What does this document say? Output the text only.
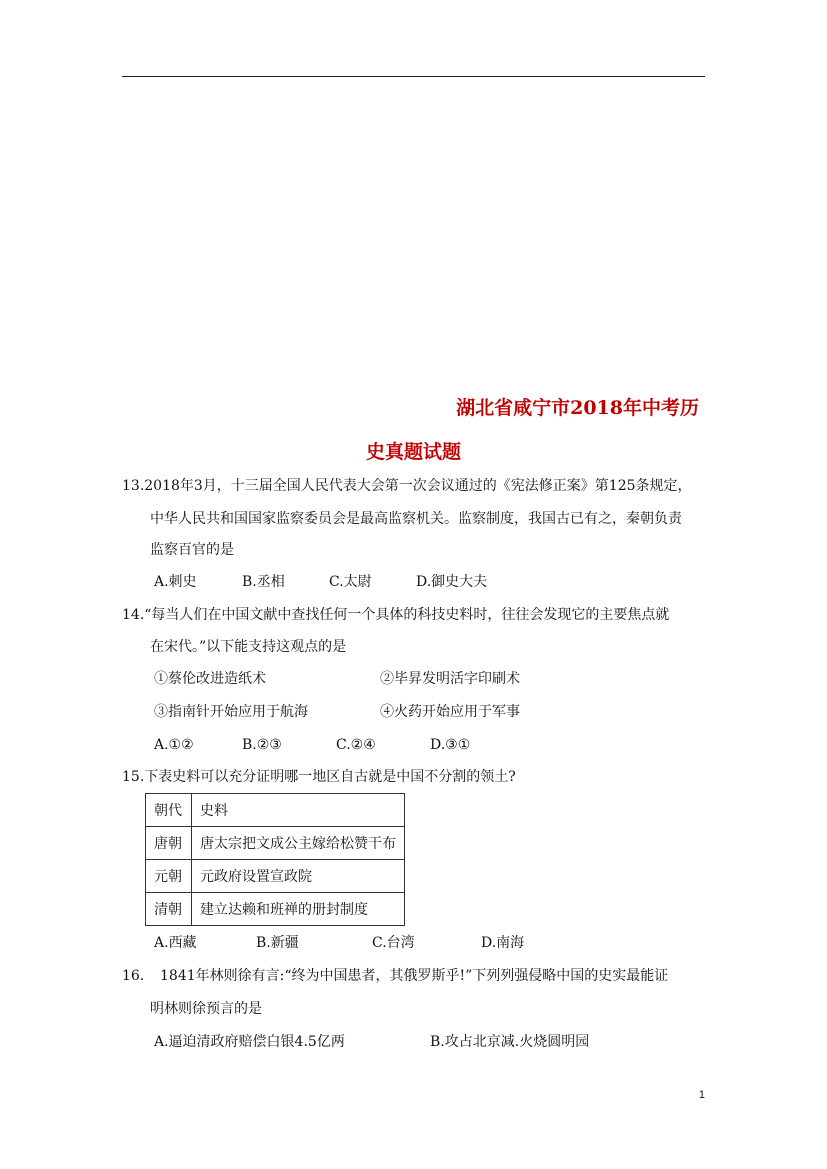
湖北省咸宁市2018年中考历
史真题试题
13.2018年3月，十三届全国人民代表大会第一次会议通过的《宪法修正案》第125条规定，
中华人民共和国国家监察委员会是最高监察机关。监察制度，我国古已有之，秦朝负责
监察百官的是
A.刺史	B.丞相	C.太尉	D.御史大夫
14.“每当人们在中国文献中查找任何一个具体的科技史料时，往往会发现它的主要焦点就
在宋代。”以下能支持这观点的是
①蔡伦改进造纸术	②毕昇发明活字印刷术
③指南针开始应用于航海	④火药开始应用于军事
A.①②	B.②③	C.②④	D.③①
15.下表史料可以充分证明哪一地区自古就是中国不分割的领土?
朝代	史料
唐朝	唐太宗把文成公主嫁给松赞干布
元朝	元政府设置宣政院
清朝	建立达赖和班禅的册封制度
A.西藏	B.新疆	C.台湾	D.南海
16. 1841年林则徐有言:“终为中国患者，其俄罗斯乎!”下列列强侵略中国的史实最能证
明林则徐预言的是
A.逼迫清政府赔偿白银4.5亿两	B.攻占北京减.火烧圆明园
1
